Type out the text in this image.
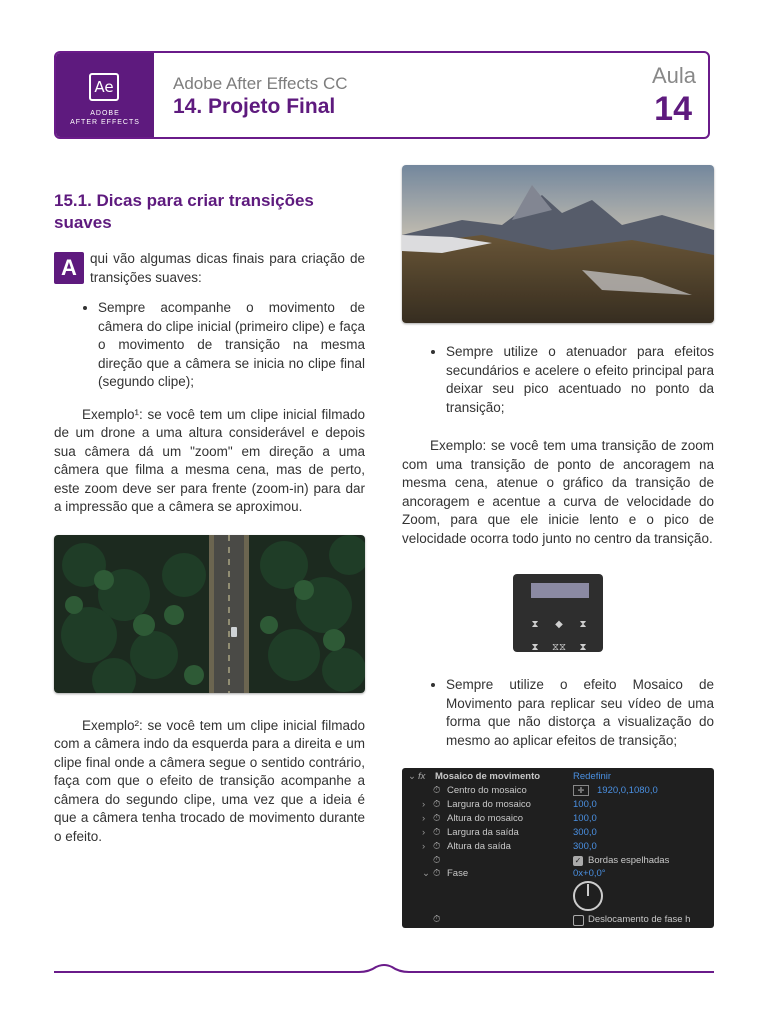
Ae
ADOBE
AFTER EFFECTS
Adobe After Effects CC
14. Projeto Final
Aula
14
15.1. Dicas para criar transições suaves
A qui vão algumas dicas finais para criação de transições suaves:
• Sempre acompanhe o movimento de câmera do clipe inicial (primeiro clipe) e faça o movimento de transição na mesma direção que a câmera se inicia no clipe final (segundo clipe);

Exemplo¹: se você tem um clipe inicial filmado de um drone a uma altura considerável e depois sua câmera dá um "zoom" em direção a uma câmera que filma a mesma cena, mas de perto, este zoom deve ser para frente (zoom-in) para dar a impressão que a câmera se aproximou.

Exemplo²: se você tem um clipe inicial filmado com a câmera indo da esquerda para a direita e um clipe final onde a câmera segue o sentido contrário, faça com que o efeito de transição acompanhe a câmera do segundo clipe, uma vez que a ideia é que a câmera tenha trocado de movimento durante o efeito.

• Sempre utilize o atenuador para efeitos secundários e acelere o efeito principal para deixar seu pico acentuado no ponto da transição;

Exemplo: se você tem uma transição de zoom com uma transição de ponto de ancoragem na mesma cena, atenue o gráfico da transição de ancoragem e acentue a curva de velocidade do Zoom, para que ele inicie lento e o pico de velocidade ocorra todo junto no centro da transição.

⧗	◆	⧗
⧗	⧖⧖	⧗
• Sempre utilize o efeito Mosaico de Movimento para replicar seu vídeo de uma forma que não distorça a visualização do mesmo ao aplicar efeitos de transição;
⌄ fx Mosaico de movimento	Redefinir
⏱ Centro do mosaico	✛	1920,0,1080,0
› ⏱ Largura do mosaico	100,0
› ⏱ Altura do mosaico	100,0
› ⏱ Largura da saída	300,0
› ⏱ Altura da saída	300,0
⏱	✓ Bordas espelhadas
⌄ ⏱ Fase	0x+0,0°
⏱	Deslocamento de fase h
